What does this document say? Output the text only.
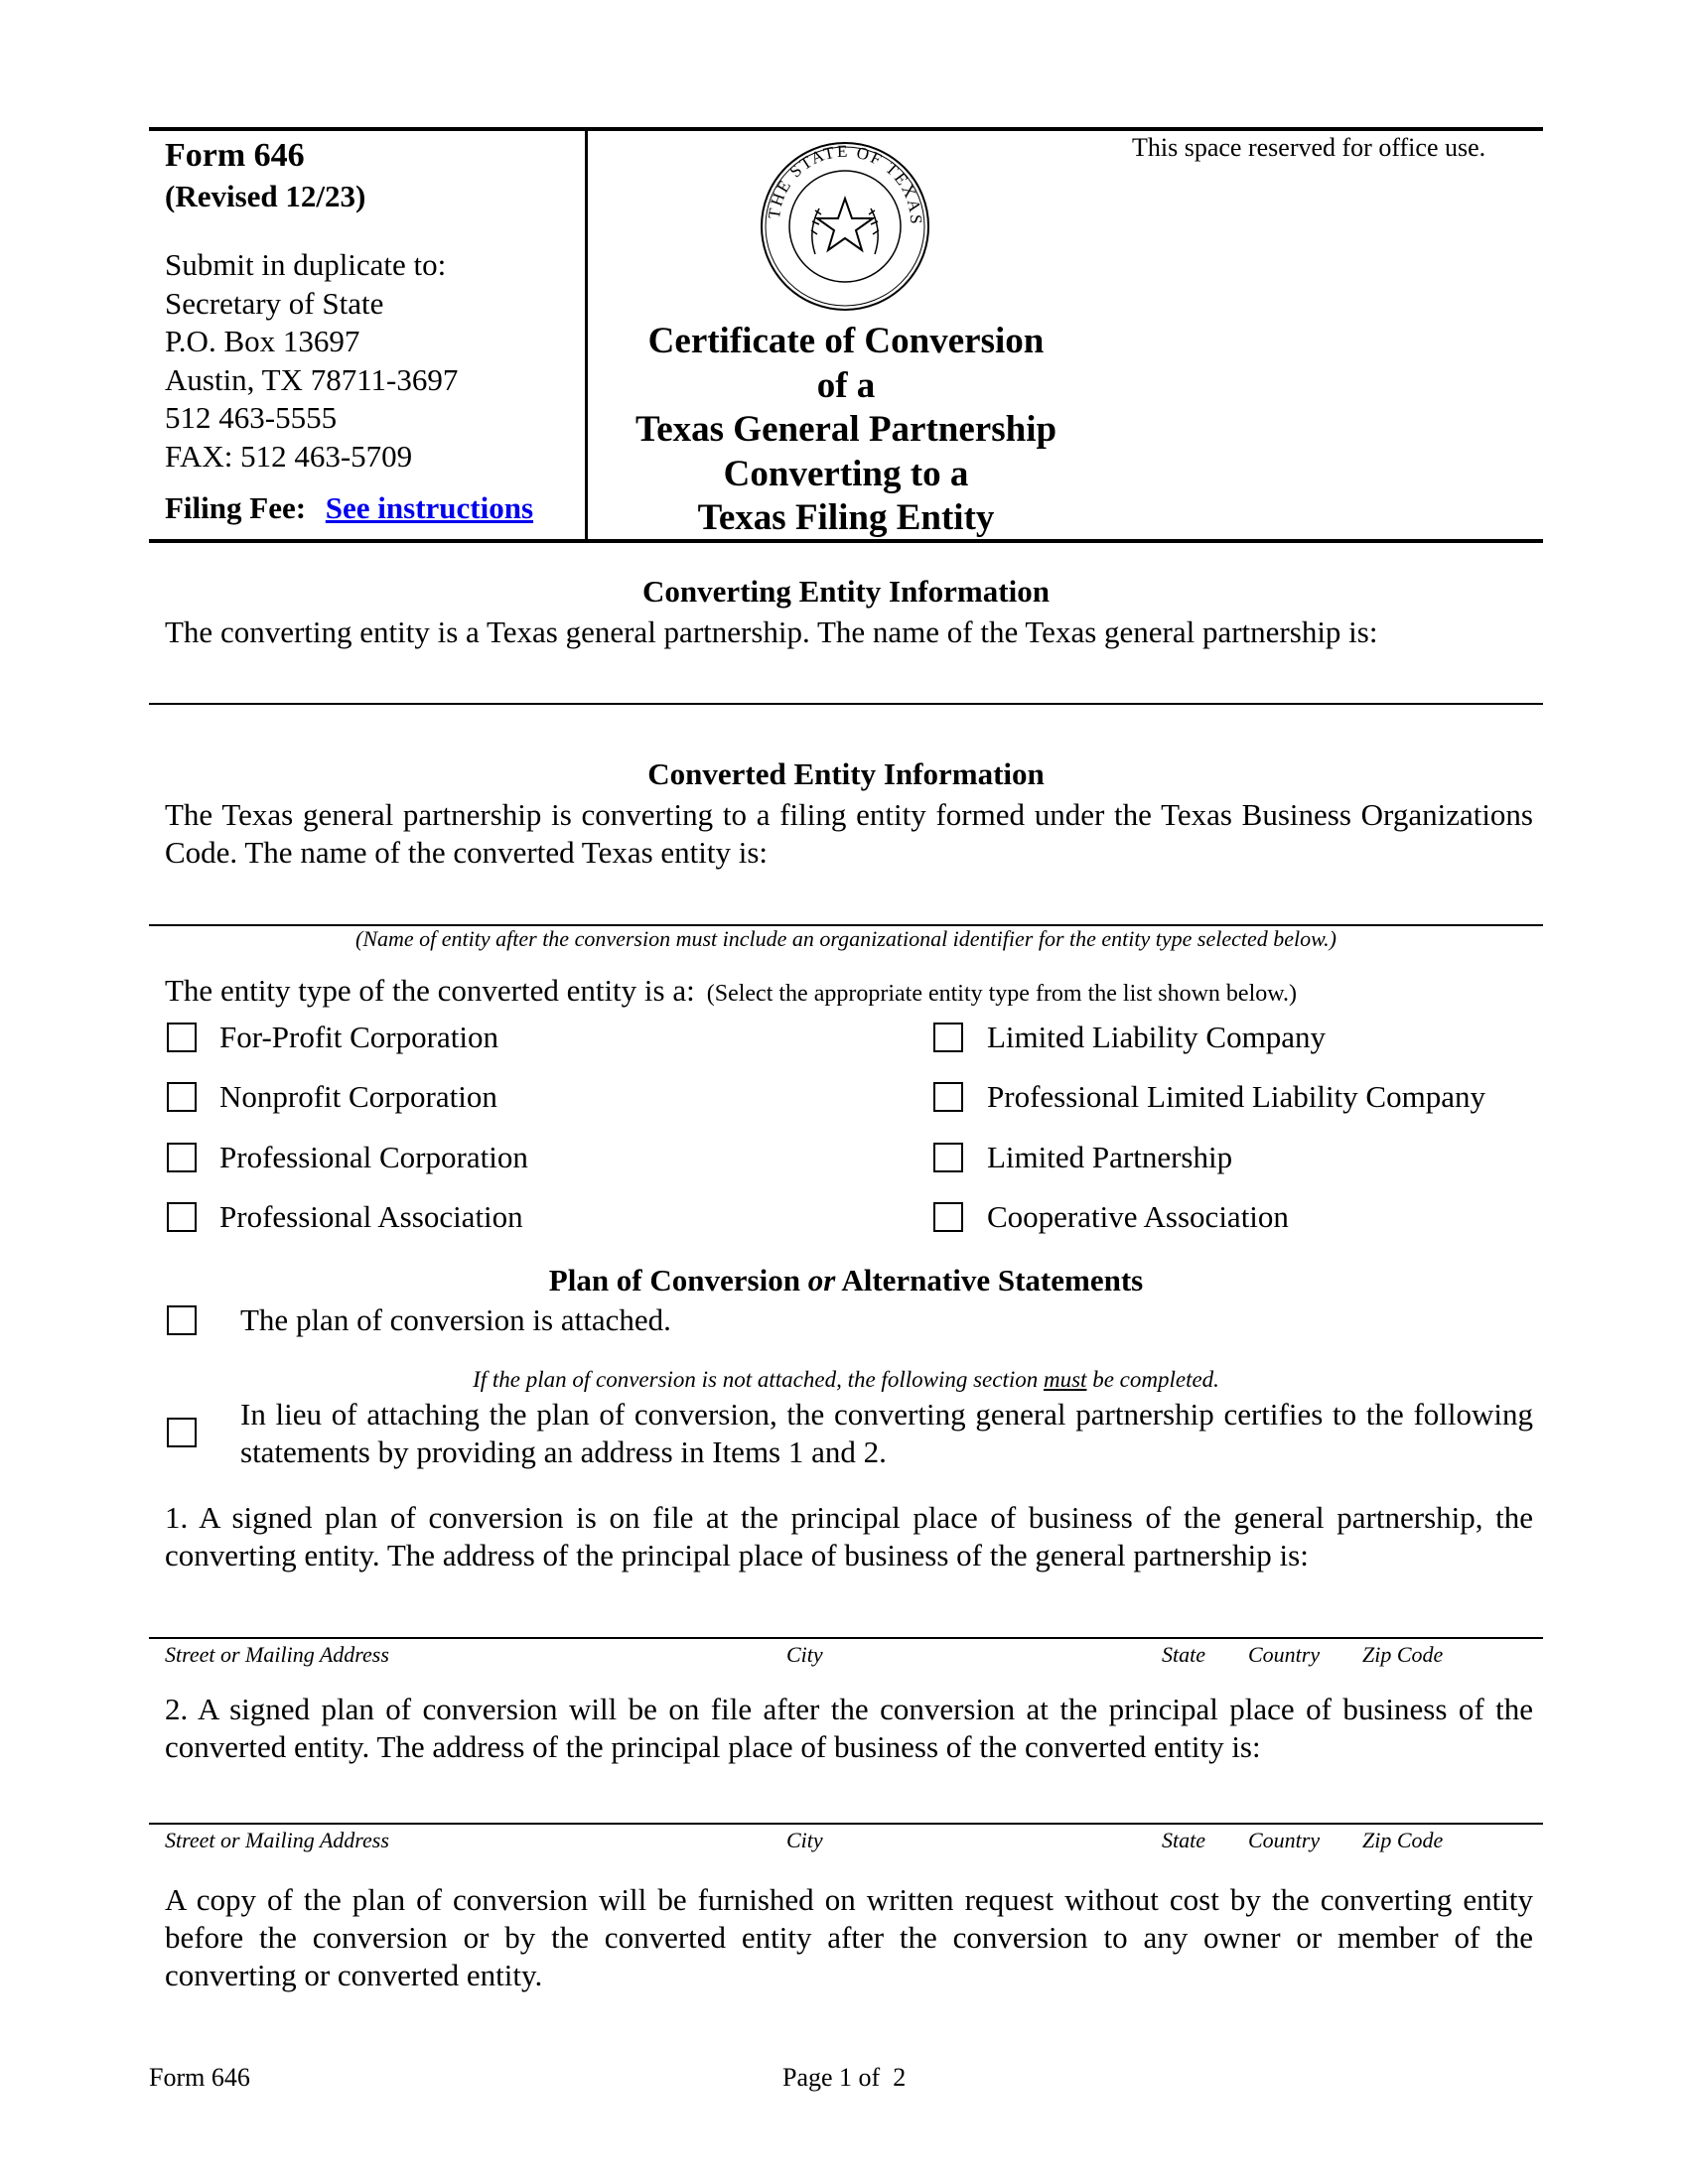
Form 646
(Revised 12/23)
Submit in duplicate to:
Secretary of State
P.O. Box 13697
Austin, TX 78711-3697
512 463-5555
FAX: 512 463-5709
Filing Fee: See instructions
THE STATE OF TEXAS
This space reserved for office use.
Certificate of Conversion
of a
Texas General Partnership
Converting to a
Texas Filing Entity
Converting Entity Information
The converting entity is a Texas general partnership. The name of the Texas general partnership is:
Converted Entity Information
The Texas general partnership is converting to a filing entity formed under the Texas Business Organizations Code. The name of the converted Texas entity is:
(Name of entity after the conversion must include an organizational identifier for the entity type selected below.)
The entity type of the converted entity is a: (Select the appropriate entity type from the list shown below.)
For-Profit Corporation
Nonprofit Corporation
Professional Corporation
Professional Association
Limited Liability Company
Professional Limited Liability Company
Limited Partnership
Cooperative Association
Plan of Conversion or Alternative Statements
The plan of conversion is attached.
If the plan of conversion is not attached, the following section must be completed.
In lieu of attaching the plan of conversion, the converting general partnership certifies to the following statements by providing an address in Items 1 and 2.
1. A signed plan of conversion is on file at the principal place of business of the general partnership, the converting entity. The address of the principal place of business of the general partnership is:
Street or Mailing Address	City	State Country Zip Code
2. A signed plan of conversion will be on file after the conversion at the principal place of business of the converted entity. The address of the principal place of business of the converted entity is:
Street or Mailing Address	City	State Country Zip Code
A copy of the plan of conversion will be furnished on written request without cost by the converting entity before the conversion or by the converted entity after the conversion to any owner or member of the converting or converted entity.
Form 646	Page 1 of  2
